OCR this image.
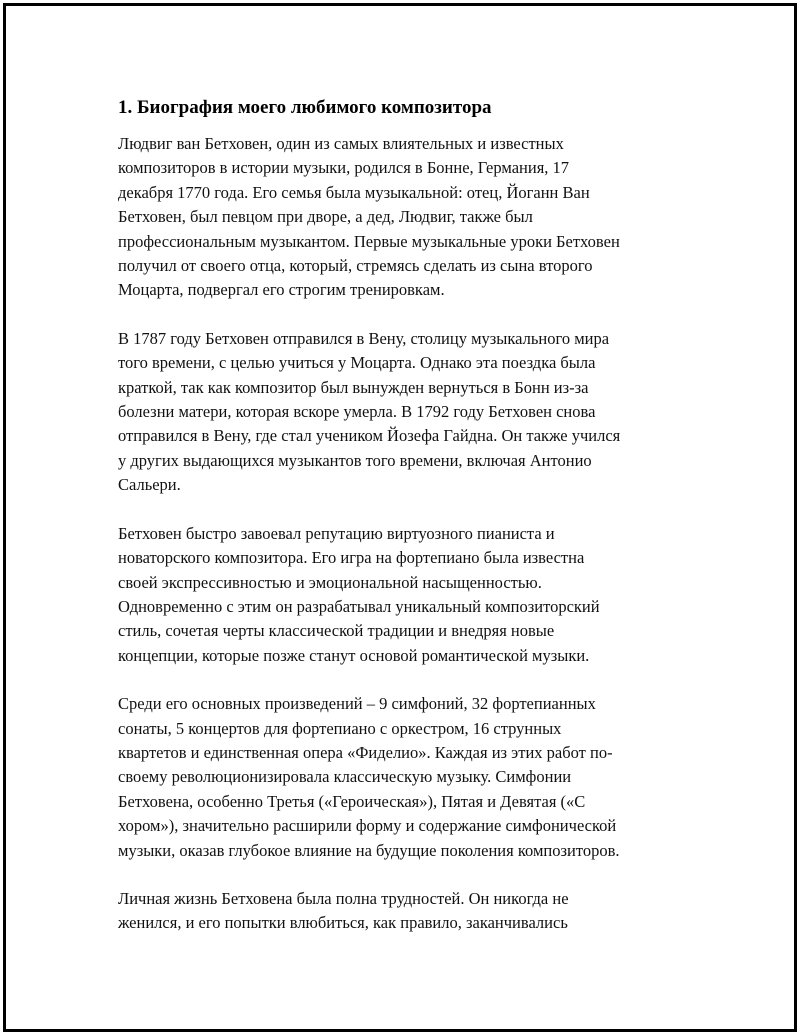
1. Биография моего любимого композитора

Людвиг ван Бетховен, один из самых влиятельных и известных
композиторов в истории музыки, родился в Бонне, Германия, 17
декабря 1770 года. Его семья была музыкальной: отец, Йоганн Ван
Бетховен, был певцом при дворе, а дед, Людвиг, также был
профессиональным музыкантом. Первые музыкальные уроки Бетховен
получил от своего отца, который, стремясь сделать из сына второго
Моцарта, подвергал его строгим тренировкам.

В 1787 году Бетховен отправился в Вену, столицу музыкального мира
того времени, с целью учиться у Моцарта. Однако эта поездка была
краткой, так как композитор был вынужден вернуться в Бонн из-за
болезни матери, которая вскоре умерла. В 1792 году Бетховен снова
отправился в Вену, где стал учеником Йозефа Гайдна. Он также учился
у других выдающихся музыкантов того времени, включая Антонио
Сальери.

Бетховен быстро завоевал репутацию виртуозного пианиста и
новаторского композитора. Его игра на фортепиано была известна
своей экспрессивностью и эмоциональной насыщенностью.
Одновременно с этим он разрабатывал уникальный композиторский
стиль, сочетая черты классической традиции и внедряя новые
концепции, которые позже станут основой романтической музыки.

Среди его основных произведений – 9 симфоний, 32 фортепианных
сонаты, 5 концертов для фортепиано с оркестром, 16 струнных
квартетов и единственная опера «Фиделио». Каждая из этих работ по-
своему революционизировала классическую музыку. Симфонии
Бетховена, особенно Третья («Героическая»), Пятая и Девятая («С
хором»), значительно расширили форму и содержание симфонической
музыки, оказав глубокое влияние на будущие поколения композиторов.

Личная жизнь Бетховена была полна трудностей. Он никогда не
женился, и его попытки влюбиться, как правило, заканчивались
